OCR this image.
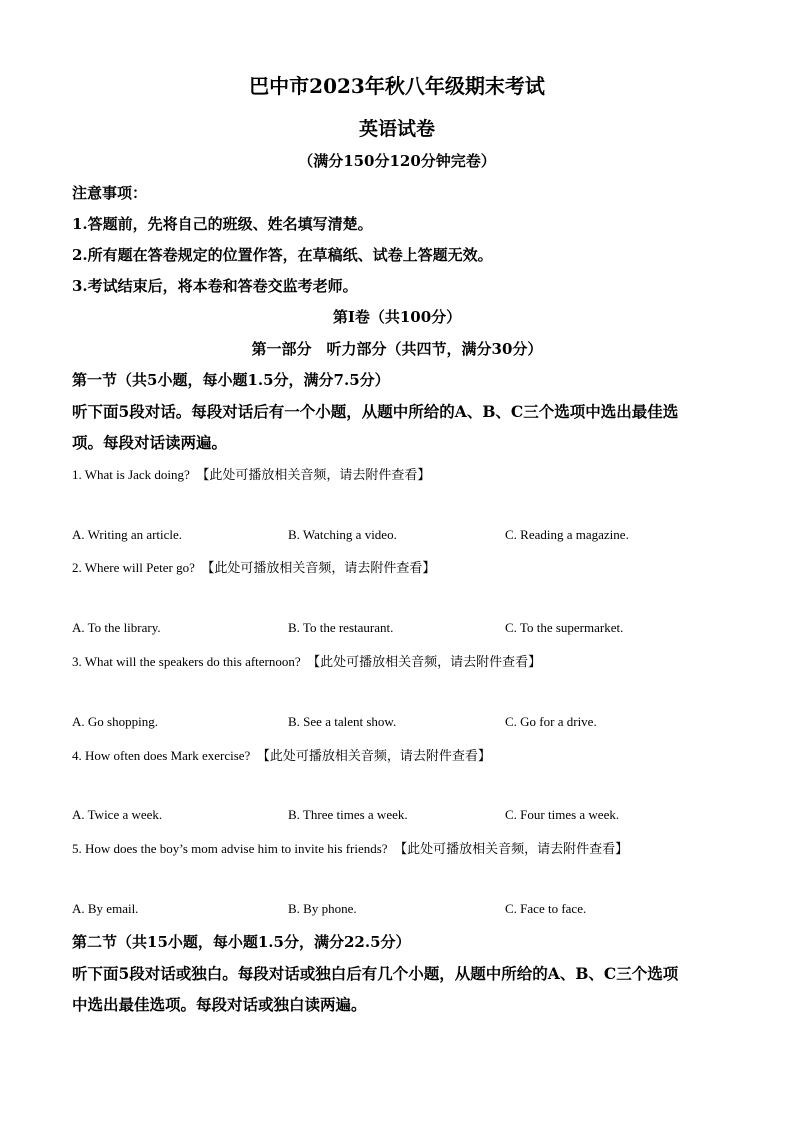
巴中市2023年秋八年级期末考试
英语试卷
（满分150分120分钟完卷）
注意事项：
1.答题前，先将自己的班级、姓名填写清楚。
2.所有题在答卷规定的位置作答，在草稿纸、试卷上答题无效。
3.考试结束后，将本卷和答卷交监考老师。
第Ⅰ卷（共100分）
第一部分　听力部分（共四节，满分30分）
第一节（共5小题，每小题1.5分，满分7.5分）
听下面5段对话。每段对话后有一个小题，从题中所给的A、B、C三个选项中选出最佳选
项。每段对话读两遍。
1. What is Jack doing? 【此处可播放相关音频，请去附件查看】
A. Writing an article.	B. Watching a video.	C. Reading a magazine.
2. Where will Peter go? 【此处可播放相关音频，请去附件查看】
A. To the library.	B. To the restaurant.	C. To the supermarket.
3. What will the speakers do this afternoon? 【此处可播放相关音频，请去附件查看】
A. Go shopping.	B. See a talent show.	C. Go for a drive.
4. How often does Mark exercise? 【此处可播放相关音频，请去附件查看】
A. Twice a week.	B. Three times a week.	C. Four times a week.
5. How does the boy’s mom advise him to invite his friends? 【此处可播放相关音频，请去附件查看】
A. By email.	B. By phone.	C. Face to face.
第二节（共15小题，每小题1.5分，满分22.5分）
听下面5段对话或独白。每段对话或独白后有几个小题，从题中所给的A、B、C三个选项
中选出最佳选项。每段对话或独白读两遍。
